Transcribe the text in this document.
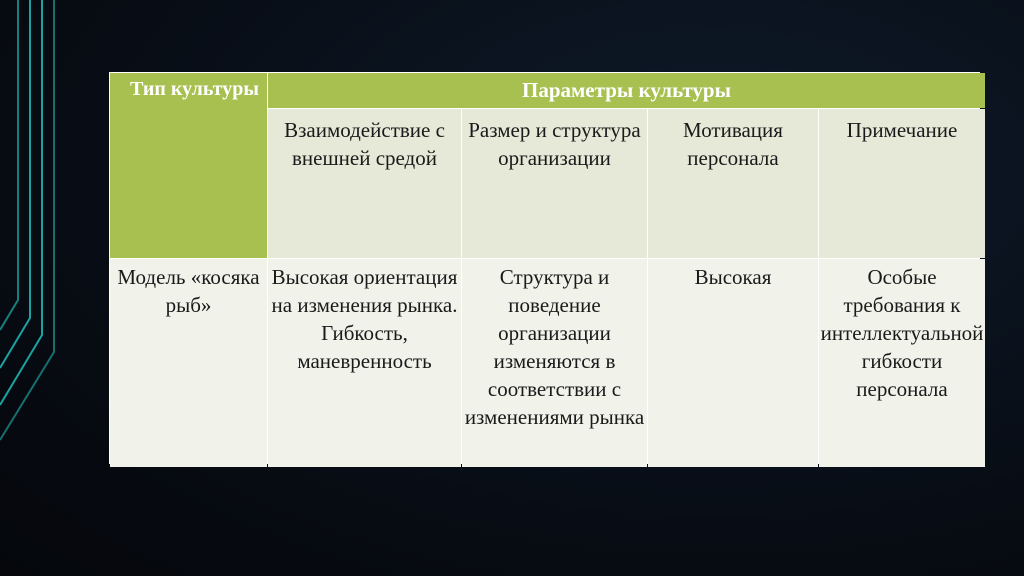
Тип культуры	Параметры культуры
Взаимодействие с внешней средой
Размер и структура организации
Мотивация персонала
Примечание
Модель «косяка рыб»
Высокая ориентация на изменения рынка. Гибкость, маневренность
Структура и поведение организации изменяются в соответствии с изменениями рынка
Высокая	Особые требования к интеллектуальной гибкости персонала
